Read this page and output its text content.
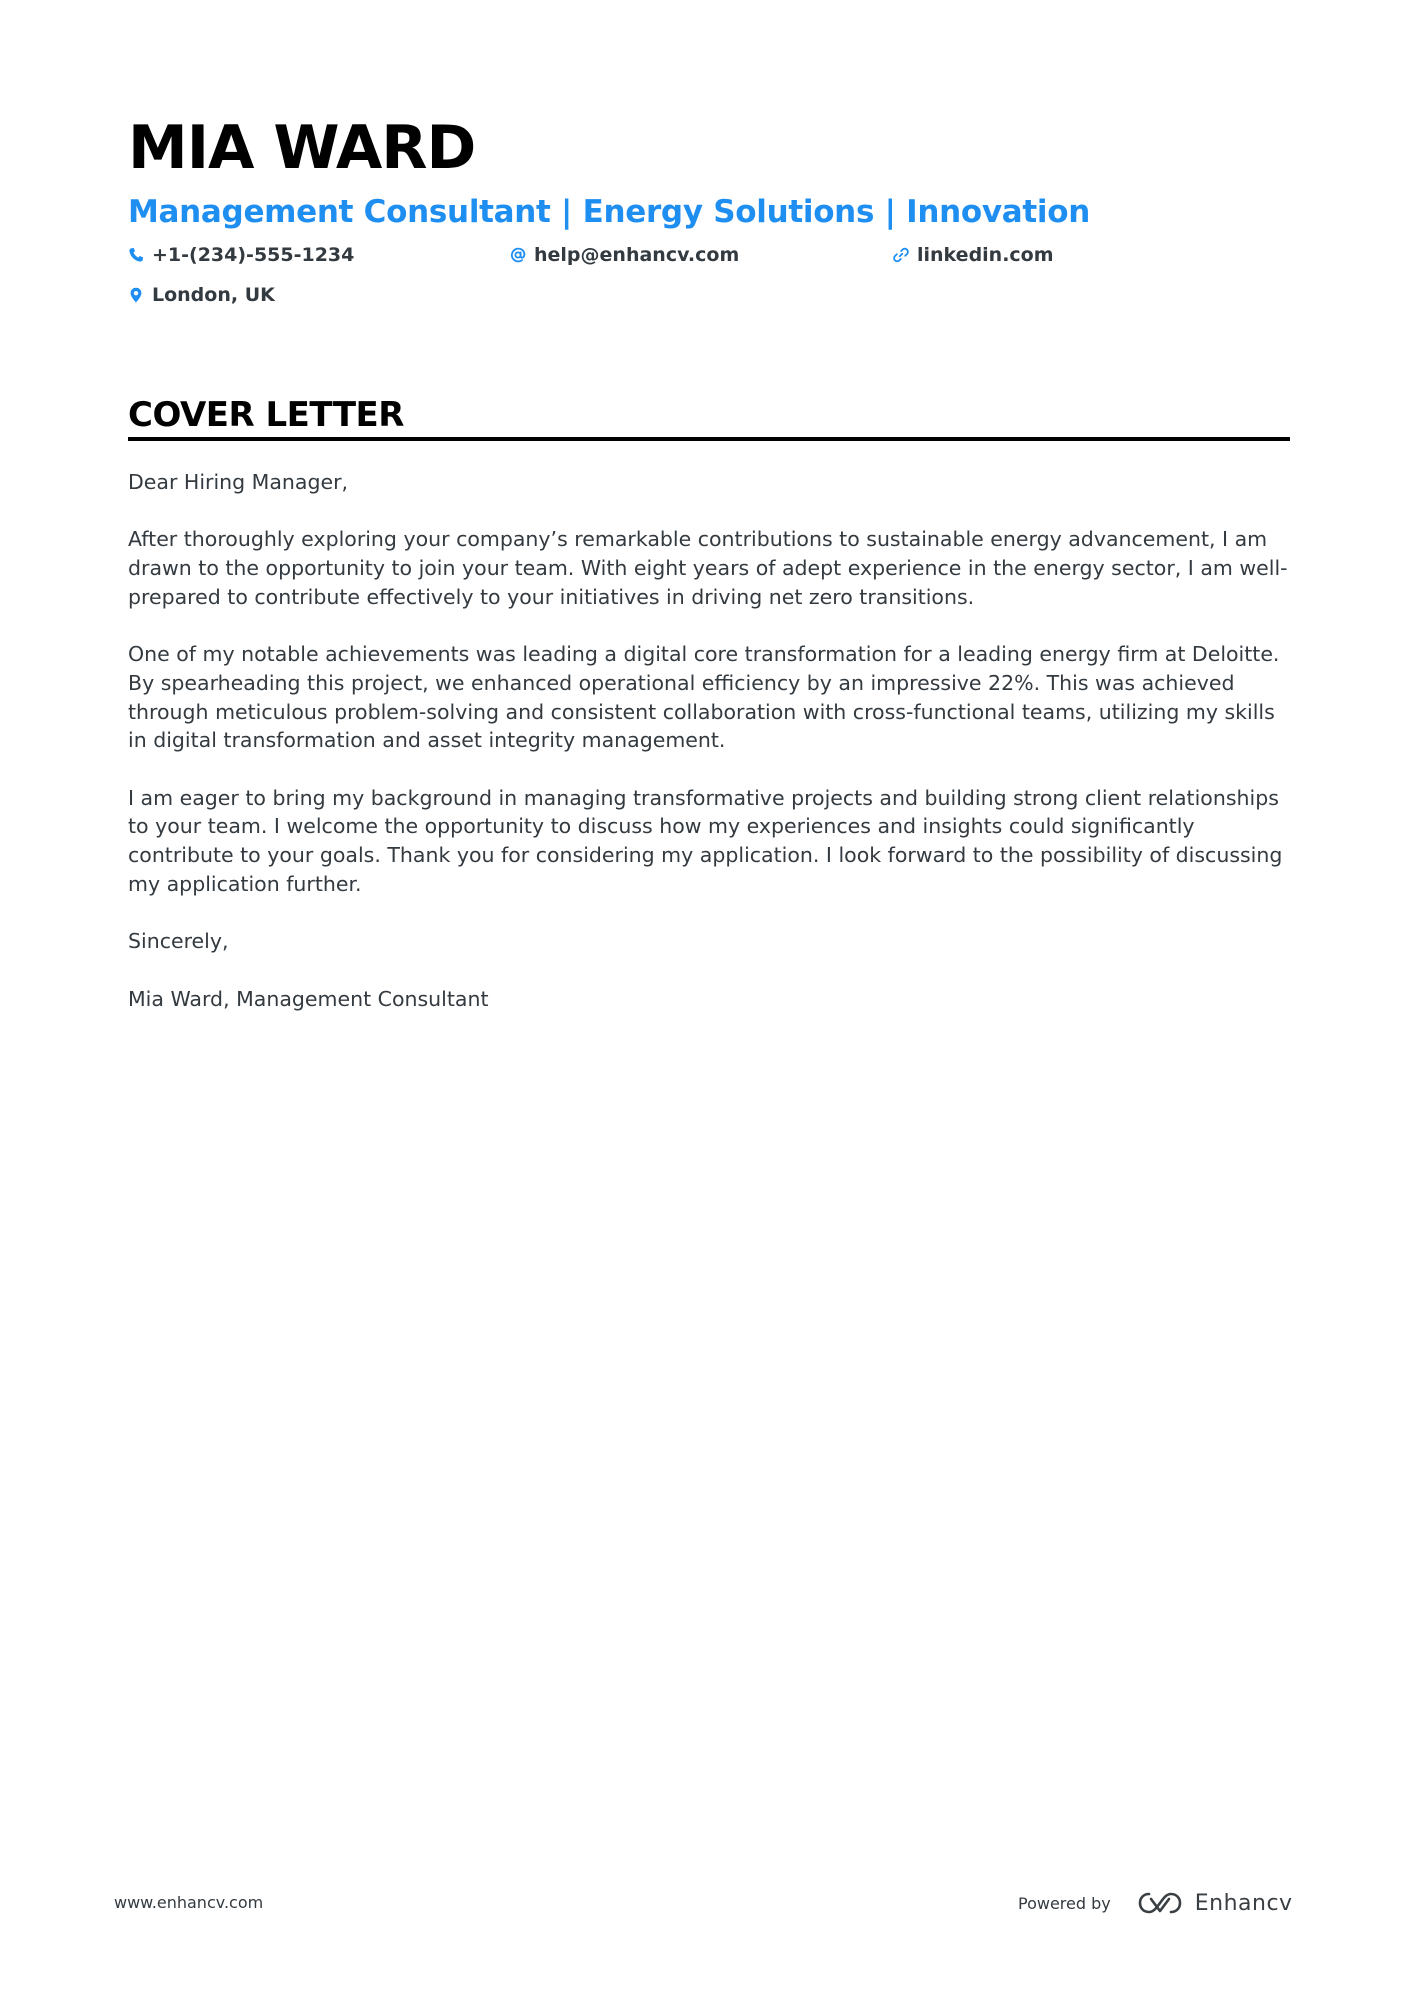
MIA WARD
Management Consultant | Energy Solutions | Innovation
+1-(234)-555-1234	help@enhancv.com	linkedin.com
London, UK
COVER LETTER

Dear Hiring Manager,

After thoroughly exploring your company’s remarkable contributions to sustainable energy advancement, I am drawn to the opportunity to join your team. With eight years of adept experience in the energy sector, I am well-prepared to contribute effectively to your initiatives in driving net zero transitions.

One of my notable achievements was leading a digital core transformation for a leading energy firm at Deloitte. By spearheading this project, we enhanced operational efficiency by an impressive 22%. This was achieved through meticulous problem-solving and consistent collaboration with cross-functional teams, utilizing my skills in digital transformation and asset integrity management.

I am eager to bring my background in managing transformative projects and building strong client relationships to your team. I welcome the opportunity to discuss how my experiences and insights could significantly contribute to your goals. Thank you for considering my application. I look forward to the possibility of discussing my application further.

Sincerely,

Mia Ward, Management Consultant

www.enhancv.com	Powered by	Enhancv
